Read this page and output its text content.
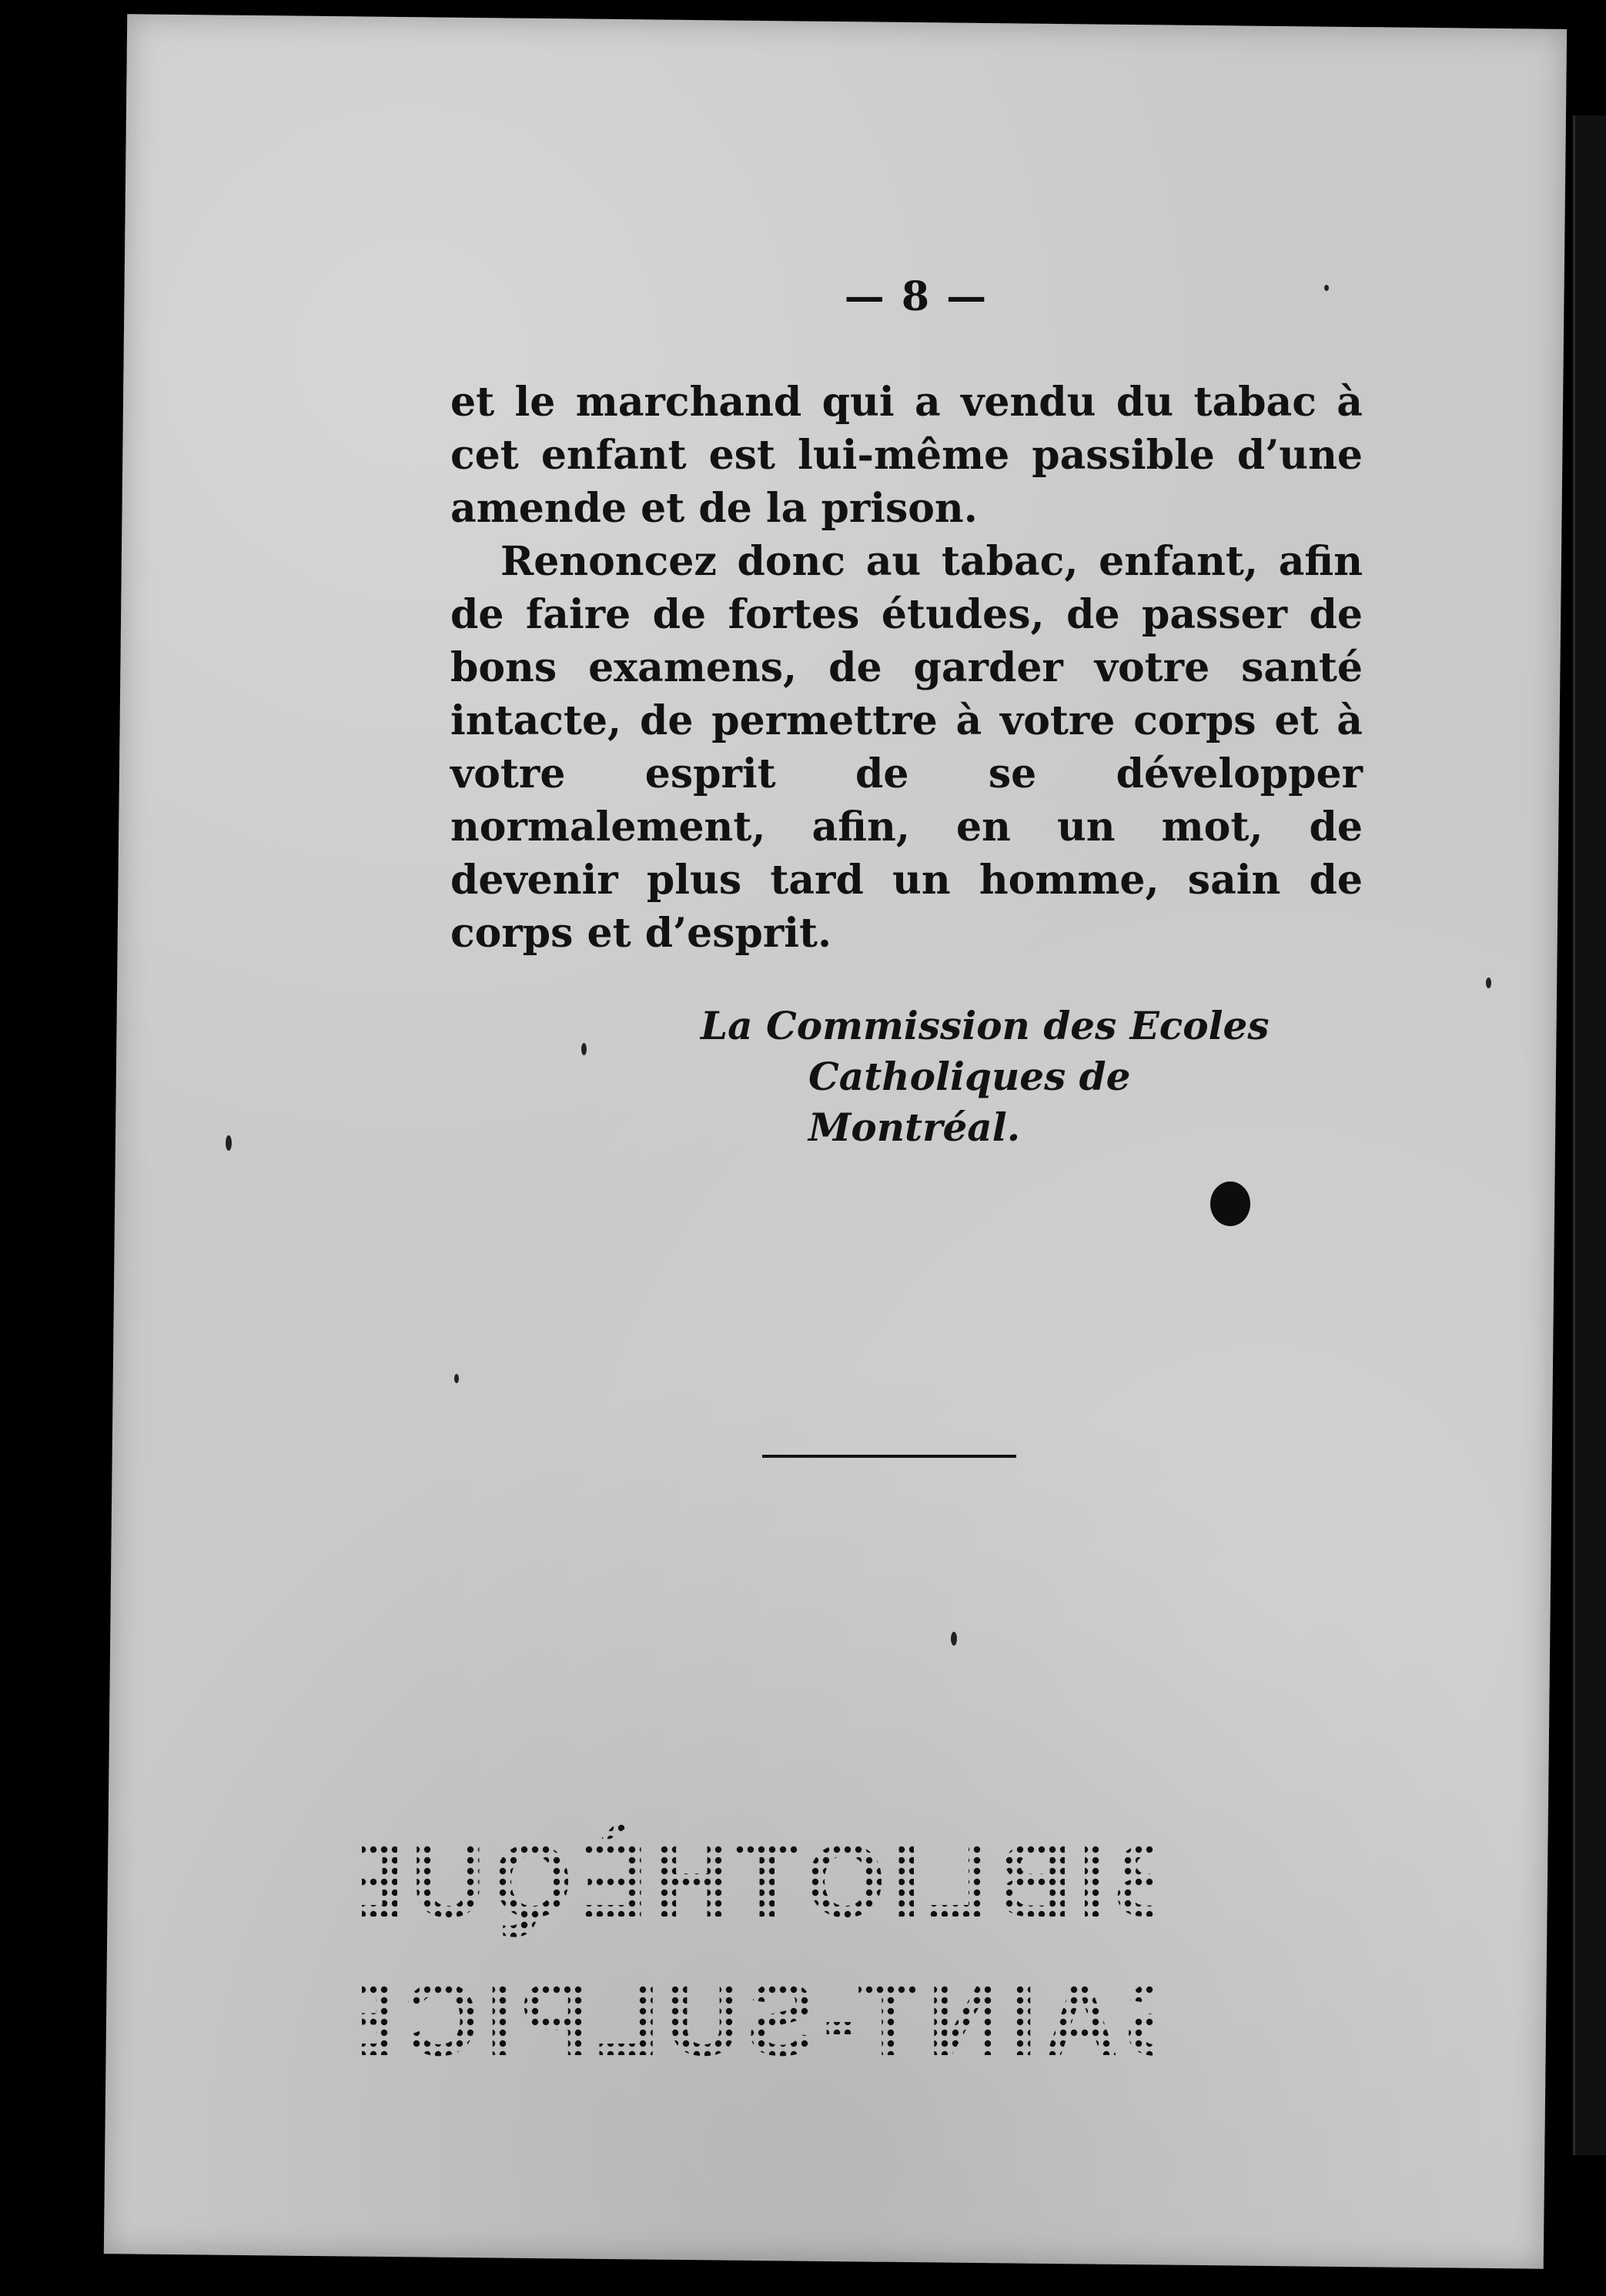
— 8 —

et le marchand qui a vendu du tabac à cet enfant est lui-même passible d’une amende et de la prison.

Renoncez donc au tabac, enfant, afin de faire de fortes études, de passer de bons examens, de garder votre santé intacte, de permettre à votre corps et à votre esprit de se développer normalement, afin, en un mot, de devenir plus tard un homme, sain de corps et d’esprit.

La Commission des Ecoles
Catholiques de Montréal.
BIBLIOTHÈQUE
SAINT-SULPICE
